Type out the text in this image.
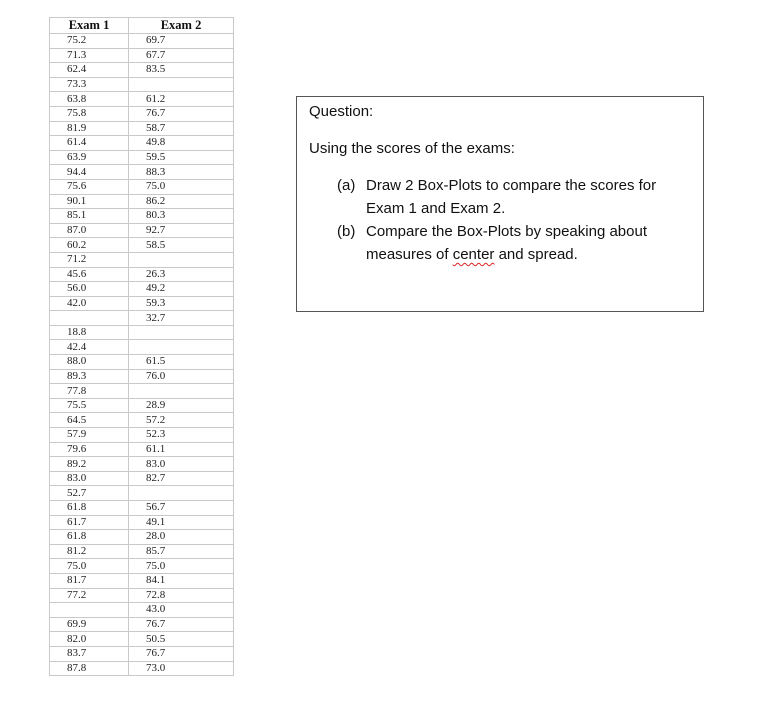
Exam 1	Exam 2
75.2	69.7
71.3	67.7
62.4	83.5
73.3	
63.8	61.2
75.8	76.7
81.9	58.7
61.4	49.8
63.9	59.5
94.4	88.3
75.6	75.0
90.1	86.2
85.1	80.3
87.0	92.7
60.2	58.5
71.2	
45.6	26.3
56.0	49.2
42.0	59.3
	32.7
18.8	
42.4	
88.0	61.5
89.3	76.0
77.8	
75.5	28.9
64.5	57.2
57.9	52.3
79.6	61.1
89.2	83.0
83.0	82.7
52.7	
61.8	56.7
61.7	49.1
61.8	28.0
81.2	85.7
75.0	75.0
81.7	84.1
77.2	72.8
	43.0
69.9	76.7
82.0	50.5
83.7	76.7
87.8	73.0
Question:
Using the scores of the exams:
(a) Draw 2 Box-Plots to compare the scores for Exam 1 and Exam 2.
(b) Compare the Box-Plots by speaking about measures of center and spread.
